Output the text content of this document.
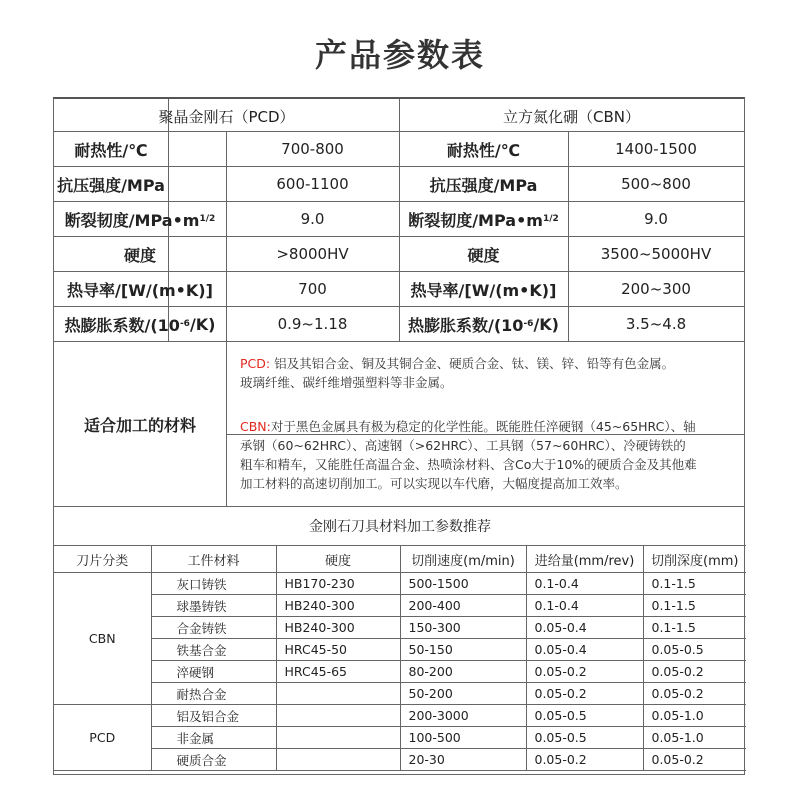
产品参数表
聚晶金刚石（PCD）	立方氮化硼（CBN）
耐热性/℃	700-800	耐热性/℃	1400-1500
抗压强度/MPa	600-1100	抗压强度/MPa	500~800
断裂韧度/MPa•m 1/2	9.0	断裂韧度/MPa•m 1/2	9.0
硬度	>8000HV	硬度	3500~5000HV
热导率/[W/(m•K)]	700	热导率/[W/(m•K)]	200~300
热膨胀系数/(10 -6 /K)	0.9~1.18	热膨胀系数/(10 -6 /K)	3.5~4.8
适合加工的材料
PCD: 铝及其铝合金、铜及其铜合金、硬质合金、钛、镁、锌、铅等有色金属。
玻璃纤维、碳纤维增强塑料等非金属。
CBN:对于黑色金属具有极为稳定的化学性能。既能胜任淬硬钢（45~65HRC）、轴
承钢（60~62HRC）、高速钢（>62HRC）、工具钢（57~60HRC）、冷硬铸铁的
粗车和精车，又能胜任高温合金、热喷涂材料、含Co大于10%的硬质合金及其他难
加工材料的高速切削加工。可以实现以车代磨，大幅度提高加工效率。
金刚石刀具材料加工参数推荐
刀片分类	工件材料	硬度	切削速度(m/min)	进给量(mm/rev)	切削深度(mm)
CBN	灰口铸铁	HB170-230	500-1500	0.1-0.4	0.1-1.5
	球墨铸铁	HB240-300	200-400	0.1-0.4	0.1-1.5
	合金铸铁	HB240-300	150-300	0.05-0.4	0.1-1.5
	铁基合金	HRC45-50	50-150	0.05-0.4	0.05-0.5
	淬硬钢	HRC45-65	80-200	0.05-0.2	0.05-0.2
	耐热合金		50-200	0.05-0.2	0.05-0.2
PCD	铝及铝合金		200-3000	0.05-0.5	0.05-1.0
	非金属		100-500	0.05-0.5	0.05-1.0
	硬质合金		20-30	0.05-0.2	0.05-0.2
